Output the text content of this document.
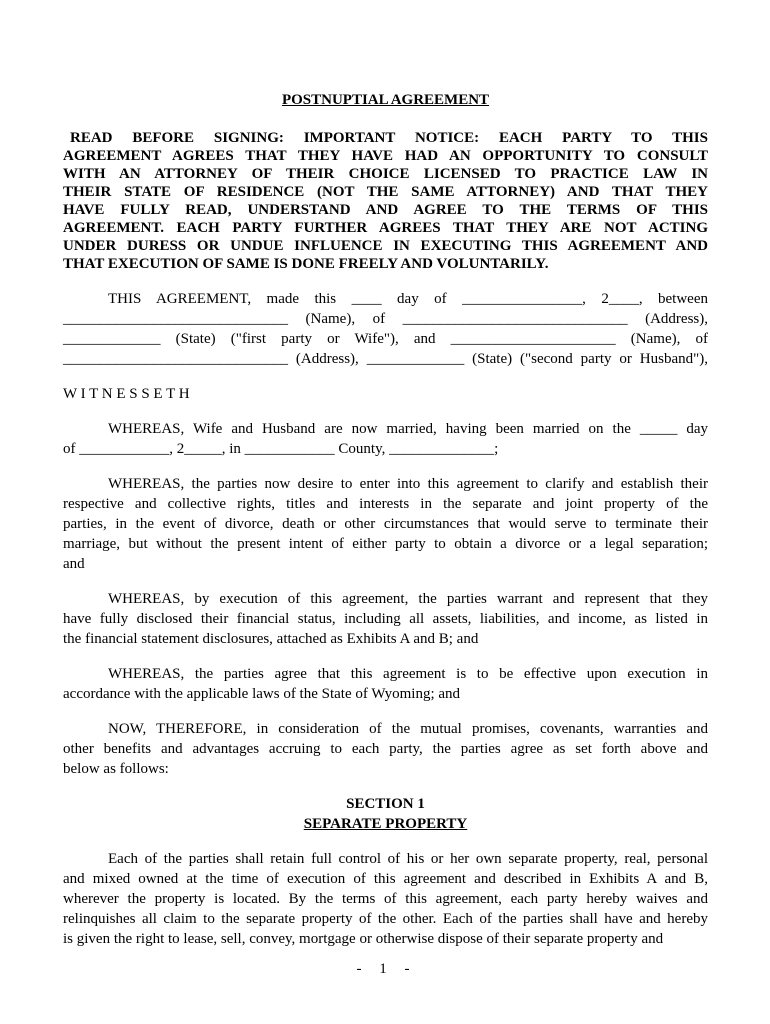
POSTNUPTIAL AGREEMENT
READ BEFORE SIGNING: IMPORTANT NOTICE: EACH PARTY TO THIS
AGREEMENT AGREES THAT THEY HAVE HAD AN OPPORTUNITY TO CONSULT
WITH AN ATTORNEY OF THEIR CHOICE LICENSED TO PRACTICE LAW IN
THEIR STATE OF RESIDENCE (NOT THE SAME ATTORNEY) AND THAT THEY
HAVE FULLY READ, UNDERSTAND AND AGREE TO THE TERMS OF THIS
AGREEMENT. EACH PARTY FURTHER AGREES THAT THEY ARE NOT ACTING
UNDER DURESS OR UNDUE INFLUENCE IN EXECUTING THIS AGREEMENT AND
THAT EXECUTION OF SAME IS DONE FREELY AND VOLUNTARILY.
THIS AGREEMENT, made this ____ day of ________________, 2____, between
______________________________ (Name), of ______________________________ (Address),
_____________ (State) ("first party or Wife"), and ______________________ (Name), of
______________________________ (Address), _____________ (State) ("second party or Husband"),
W I T N E S S E T H
WHEREAS, Wife and Husband are now married, having been married on the _____ day
of ____________, 2_____, in ____________ County, ______________;
WHEREAS, the parties now desire to enter into this agreement to clarify and establish their
respective and collective rights, titles and interests in the separate and joint property of the
parties, in the event of divorce, death or other circumstances that would serve to terminate their
marriage, but without the present intent of either party to obtain a divorce or a legal separation;
and
WHEREAS, by execution of this agreement, the parties warrant and represent that they
have fully disclosed their financial status, including all assets, liabilities, and income, as listed in
the financial statement disclosures, attached as Exhibits A and B; and
WHEREAS, the parties agree that this agreement is to be effective upon execution in
accordance with the applicable laws of the State of Wyoming; and
NOW, THEREFORE, in consideration of the mutual promises, covenants, warranties and
other benefits and advantages accruing to each party, the parties agree as set forth above and
below as follows:
SECTION 1
SEPARATE PROPERTY
Each of the parties shall retain full control of his or her own separate property, real, personal
and mixed owned at the time of execution of this agreement and described in Exhibits A and B,
wherever the property is located. By the terms of this agreement, each party hereby waives and
relinquishes all claim to the separate property of the other. Each of the parties shall have and hereby
is given the right to lease, sell, convey, mortgage or otherwise dispose of their separate property and
- 1 -
